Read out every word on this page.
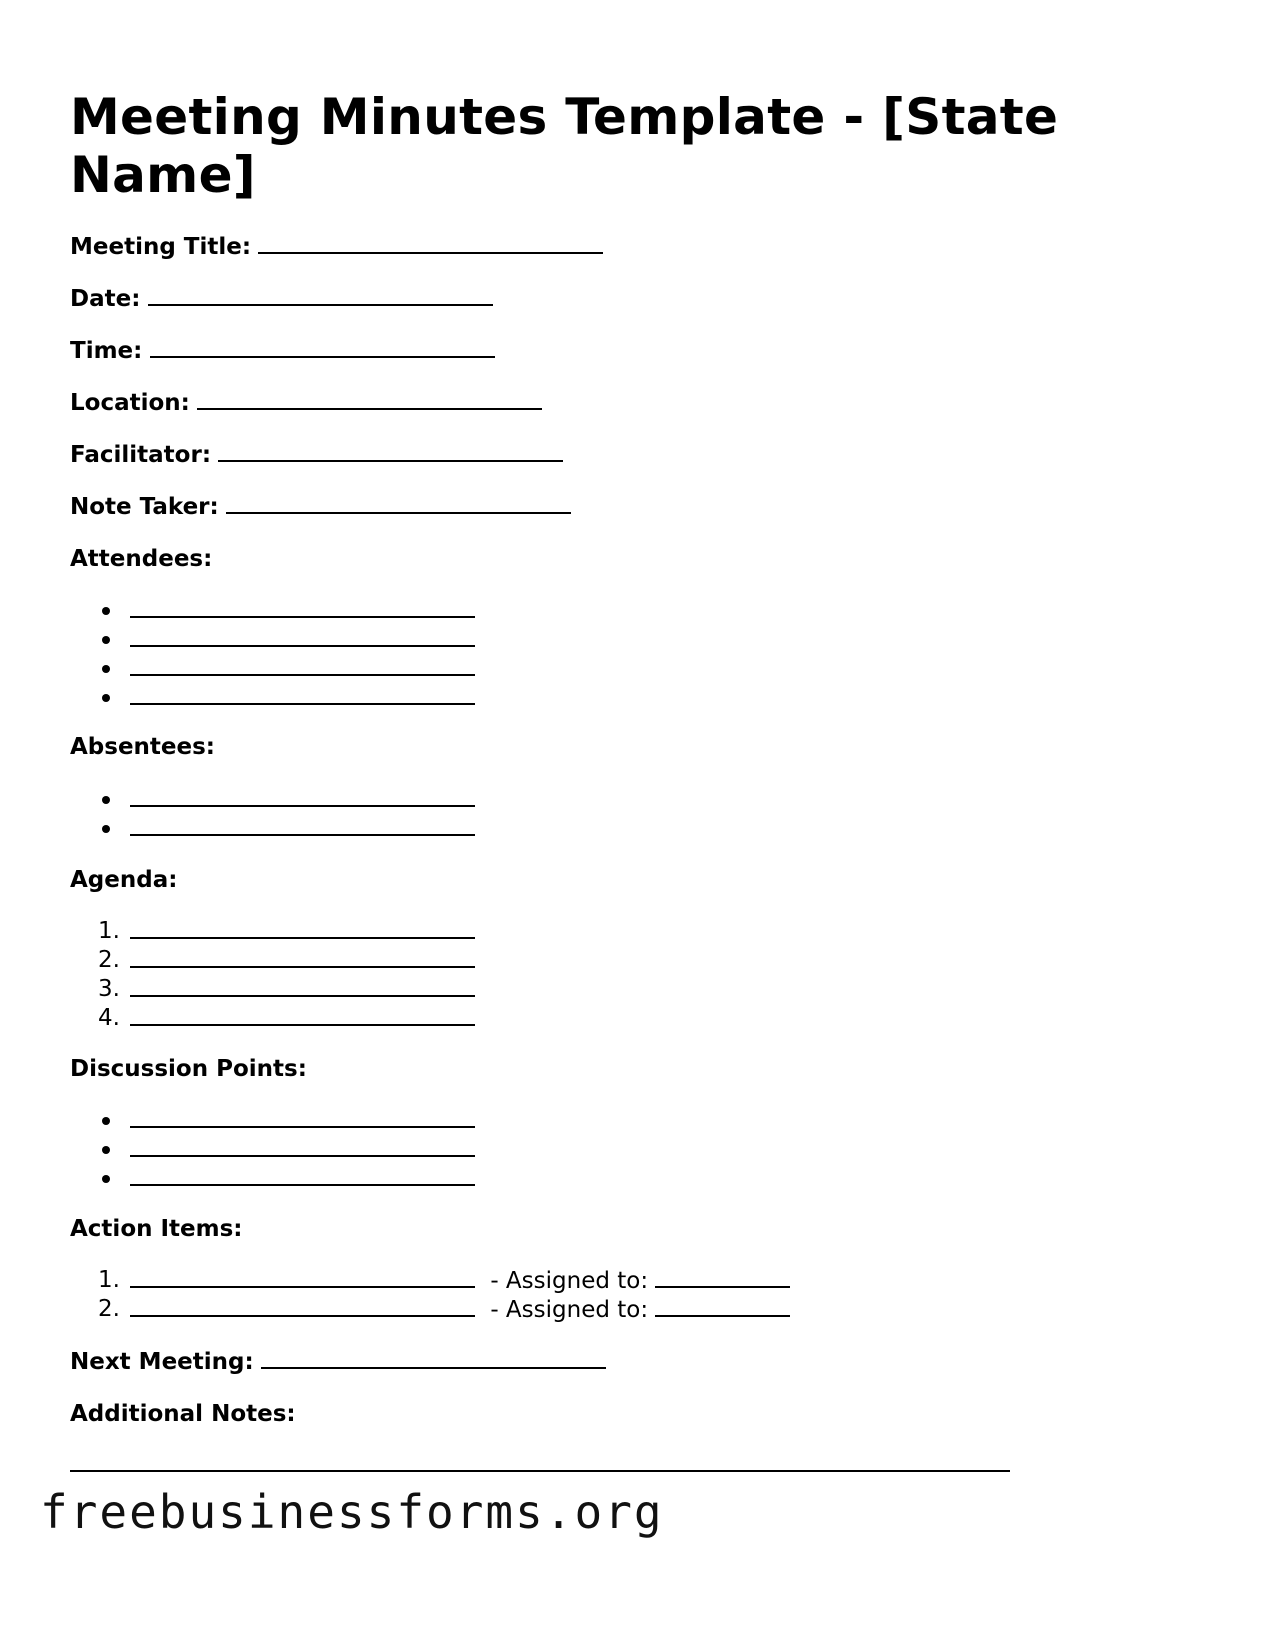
Meeting Minutes Template - [State Name]
Meeting Title:
Date:
Time:
Location:
Facilitator:
Note Taker:
Attendees:
Absentees:
Agenda:
1.
2.
3.
4.
Discussion Points:
Action Items:
1.	- Assigned to:
2.	- Assigned to:
Next Meeting:
Additional Notes:
freebusinessforms.org
